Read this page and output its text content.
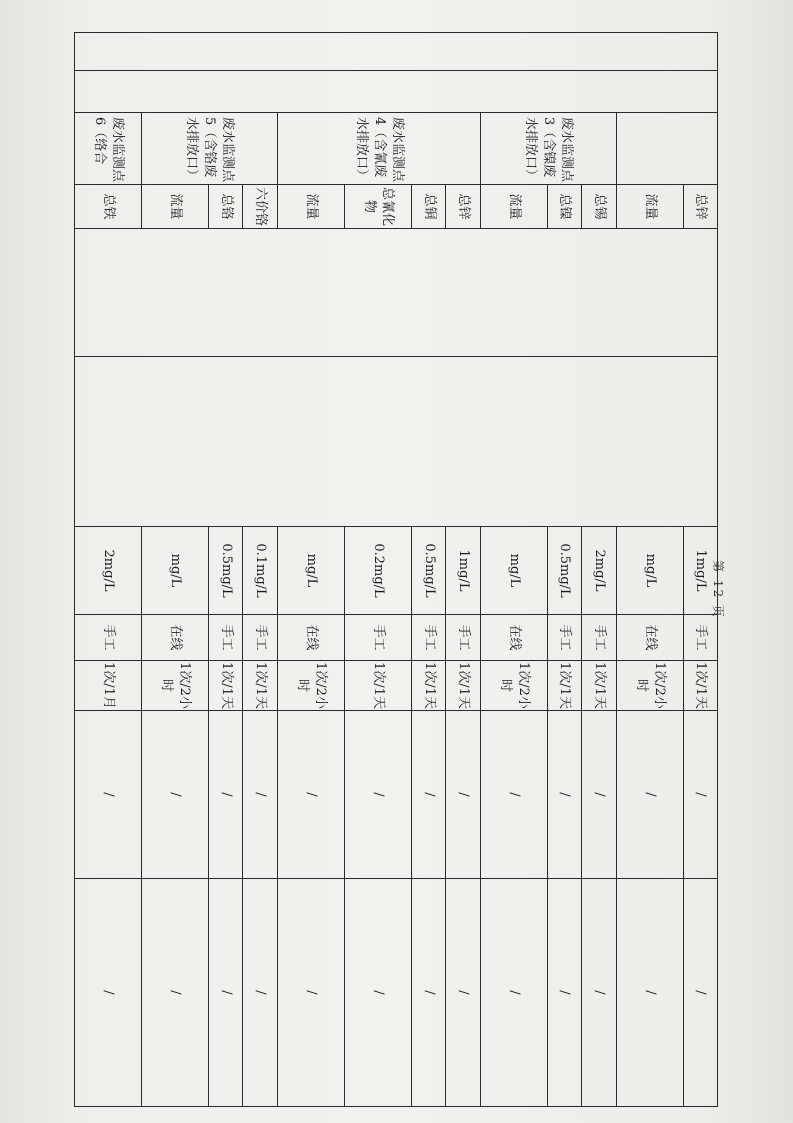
			总锌			1mg/L	手工	1次/1天	/	/
			流量			mg/L	在线	1次/2小时	/	/
		废水监测点3（含镍废水排放口）	总锡			2mg/L	手工	1次/1天	/	/
			总镍			0.5mg/L	手工	1次/1天	/	/
			流量			mg/L	在线	1次/2小时	/	/
		废水监测点4（含氰废水排放口）	总锌			1mg/L	手工	1次/1天	/	/
			总铜			0.5mg/L	手工	1次/1天	/	/
			总氰化物			0.2mg/L	手工	1次/1天	/	/
			流量			mg/L	在线	1次/2小时	/	/
		废水监测点5（含铬废水排放口）	六价铬			0.1mg/L	手工	1次/1天	/	/
			总铬			0.5mg/L	手工	1次/1天	/	/
			流量			mg/L	在线	1次/2小时	/	/
		废水监测点6（络合	总铁			2mg/L	手工	1次/1月	/	/
第 12 页
